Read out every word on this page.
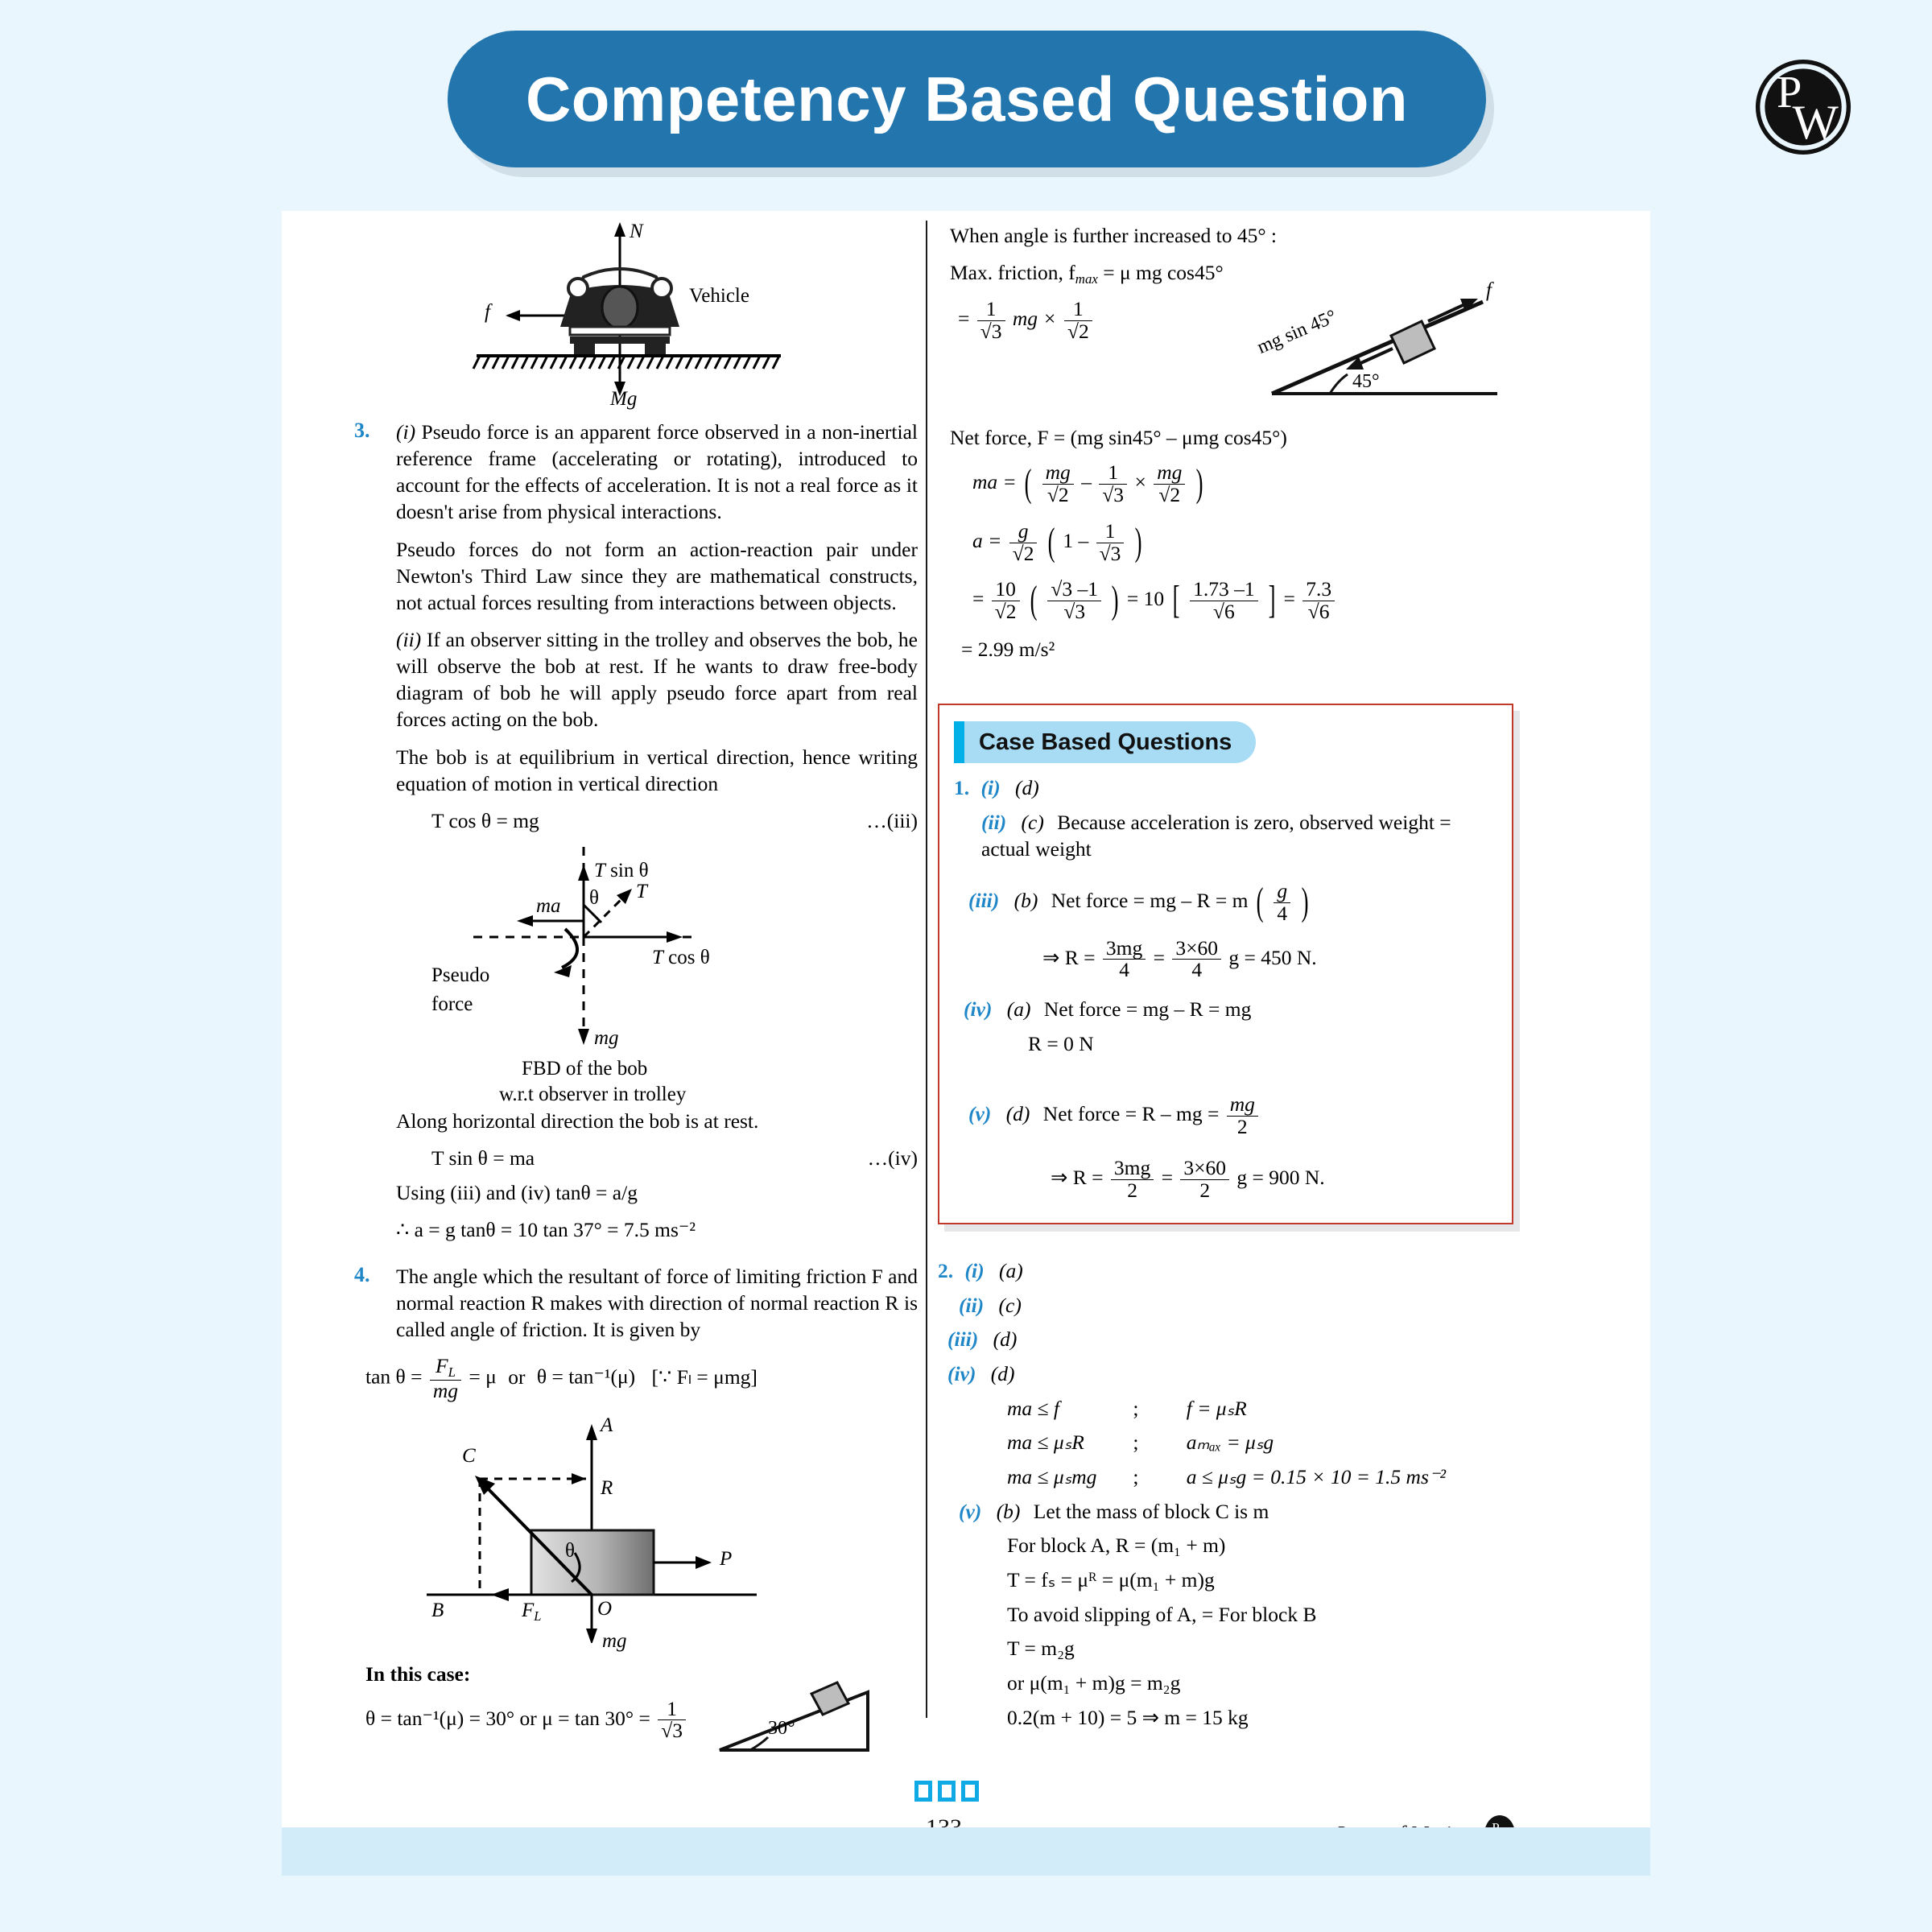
Competency Based Question	P
W
N
Mg
f
Vehicle
3. (i) Pseudo force is an apparent force observed in a non-inertial reference frame (accelerating or rotating), introduced to account for the effects of acceleration. It is not a real force as it doesn't arise from physical interactions.

Pseudo forces do not form an action-reaction pair under Newton's Third Law since they are mathematical constructs, not actual forces resulting from interactions between objects.

(ii) If an observer sitting in the trolley and observes the bob, he will observe the bob at rest. If he wants to draw free-body diagram of bob he will apply pseudo force apart from real forces acting on the bob.

The bob is at equilibrium in vertical direction, hence writing equation of motion in vertical direction

T cos θ = mg	…(iii)

T sin θ
θ T
ma
T cos θ
Pseudo
force
mg
FBD of the bob
w.r.t observer in trolley

Along horizontal direction the bob is at rest.

T sin θ = ma	…(iv)

Using (iii) and (iv) tanθ = a/g

∴ a = g tanθ = 10 tan 37° = 7.5 ms⁻²

4. The angle which the resultant of force of limiting friction F and normal reaction R makes with direction of normal reaction R is called angle of friction. It is given by

$\tan \theta = \frac{F_L}{mg} = \mu$ or θ = tan⁻¹(μ) [∵ Fₗ = μmg]
A
C
R
θ	P
B	$F_L$	O
mg

In this case:

θ = tan⁻¹(μ) = 30° or $\mu = \tan 30^\circ = \frac{1}{√3}$	30°

When angle is further increased to 45° :

Max. friction, $f_{max} = \mu$ mg cos45°

= $\frac{1}{√3}$ mg × $\frac{1}{√2}$
f
mg sin 45°
45°

Net force, F = (mg sin45° – μmg cos45°)

ma = ( $\frac{mg}{√2} - \frac{1}{√3} \times \frac{mg}{√2}$ )
$a = \frac{g}{√2}$ ( $1 - \frac{1}{√3}$ )
= $\frac{10}{√2}$ ( $\frac{√3 -1}{√3}$ ) = 10 [ $\frac{1.73 -1}{√6}$ ] = $\frac{7.3}{√6}$

= 2.99 m/s²

Case Based Questions
1. (i) (d)
(ii) (c) Because acceleration is zero, observed weight = actual weight
(iii) (b) Net force = mg – R = m ( $\frac{g}{4}$ )
⇒ $R = \frac{3mg}{4} = \frac{3\times 60}{4}$ g = 450 N.
(iv) (a) Net force = mg – R = mg
R = 0 N
(v) (d) Net force = R – mg = $\frac{mg}{2}$
⇒ $R = \frac{3mg}{2} = \frac{3\times 60}{2}$ g = 900 N.
2. (i) (a)
(ii) (c)
(iii) (d)
(iv) (d)
ma ≤ f	; f = μₛR
ma ≤ μₛR ; aₘₐₓ = μₛg
ma ≤ μₛmg ; a ≤ μₛg = 0.15 × 10 = 1.5 ms⁻²
(v) (b) Let the mass of block C is m
For block A, R = (m₁ + m)
T = fₛ = μᴿ = μ(m₁ + m)g
To avoid slipping of A, = For block B
T = m₂g
or μ(m₁ + m)g = m₂g
0.2(m + 10) = 5 ⇒ m = 15 kg
